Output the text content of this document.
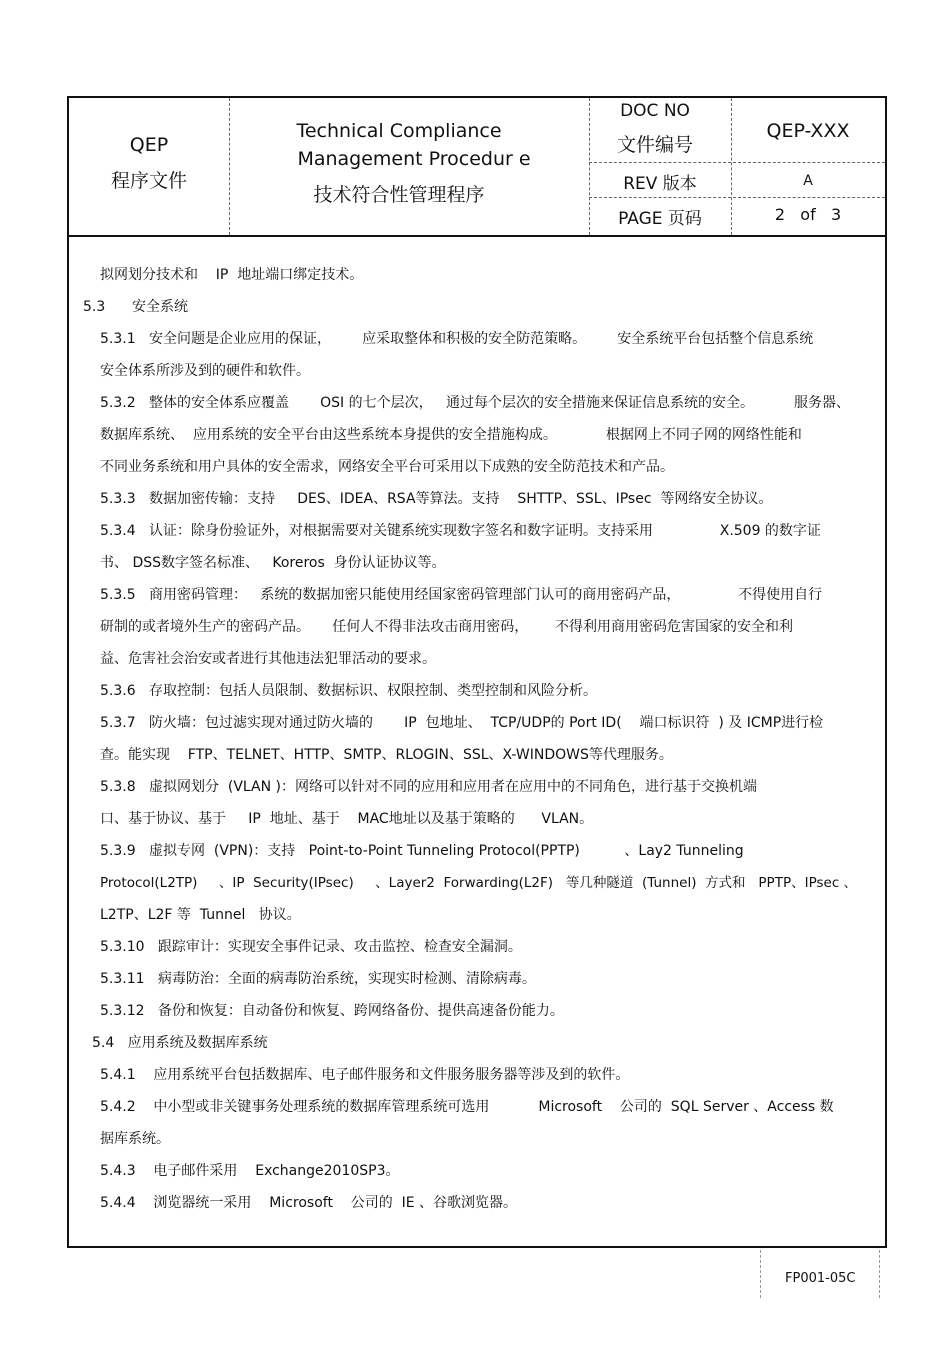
QEP
程序文件
Technical Compliance
Management Procedur e
技术符合性管理程序
DOC NO
文件编号
QEP-XXX
REV 版本	A
PAGE 页码	2   of   3
拟网划分技术和    IP  地址端口绑定技术。
5.3      安全系统
5.3.1   安全问题是企业应用的保证，       应采取整体和积极的安全防范策略。       安全系统平台包括整个信息系统
安全体系所涉及到的硬件和软件。
5.3.2   整体的安全体系应覆盖       OSI 的七个层次，   通过每个层次的安全措施来保证信息系统的安全。         服务器、
数据库系统、  应用系统的安全平台由这些系统本身提供的安全措施构成。           根据网上不同子网的网络性能和
不同业务系统和用户具体的安全需求，网络安全平台可采用以下成熟的安全防范技术和产品。
5.3.3   数据加密传输：支持     DES、IDEA、RSA等算法。支持    SHTTP、SSL、IPsec  等网络安全协议。
5.3.4   认证：除身份验证外，对根据需要对关键系统实现数字签名和数字证明。支持采用               X.509 的数字证
书、 DSS数字签名标准、   Koreros  身份认证协议等。
5.3.5   商用密码管理：   系统的数据加密只能使用经国家密码管理部门认可的商用密码产品，             不得使用自行
研制的或者境外生产的密码产品。     任何人不得非法攻击商用密码，      不得利用商用密码危害国家的安全和利
益、危害社会治安或者进行其他违法犯罪活动的要求。
5.3.6   存取控制：包括人员限制、数据标识、权限控制、类型控制和风险分析。
5.3.7   防火墙：包过滤实现对通过防火墙的       IP  包地址、  TCP/UDP的 Port ID(    端口标识符  ) 及 ICMP进行检
查。能实现    FTP、TELNET、HTTP、SMTP、RLOGIN、SSL、X-WINDOWS等代理服务。
5.3.8   虚拟网划分  (VLAN )：网络可以针对不同的应用和应用者在应用中的不同角色，进行基于交换机端
口、基于协议、基于     IP  地址、基于    MAC地址以及基于策略的      VLAN。
5.3.9   虚拟专网  (VPN)：支持   Point-to-Point Tunneling Protocol(PPTP)          、Lay2 Tunneling
Protocol(L2TP)     、IP  Security(IPsec)     、Layer2  Forwarding(L2F)   等几种隧道  (Tunnel)  方式和   PPTP、IPsec 、
L2TP、L2F 等  Tunnel   协议。
5.3.10   跟踪审计：实现安全事件记录、攻击监控、检查安全漏洞。
5.3.11   病毒防治：全面的病毒防治系统，实现实时检测、清除病毒。
5.3.12   备份和恢复：自动备份和恢复、跨网络备份、提供高速备份能力。
5.4   应用系统及数据库系统
5.4.1    应用系统平台包括数据库、电子邮件服务和文件服务服务器等涉及到的软件。
5.4.2    中小型或非关键事务处理系统的数据库管理系统可选用           Microsoft    公司的  SQL Server 、Access 数
据库系统。
5.4.3    电子邮件采用    Exchange2010SP3。
5.4.4    浏览器统一采用    Microsoft    公司的  IE 、谷歌浏览器。
FP001-05C
